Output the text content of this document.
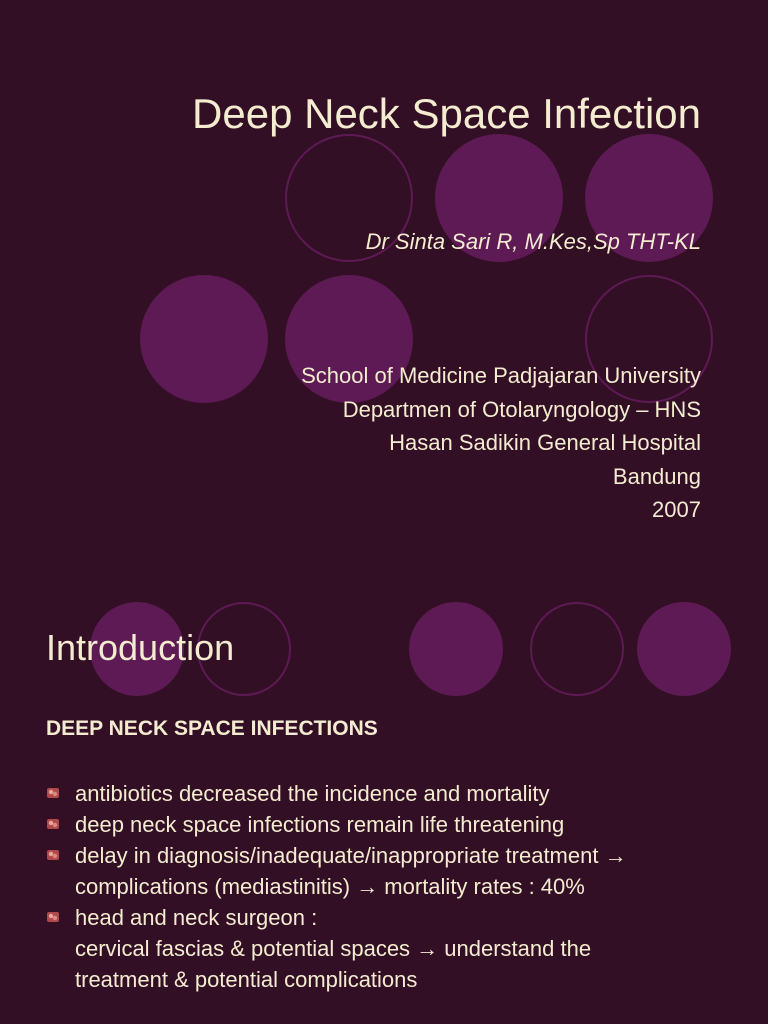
Deep Neck Space Infection
Dr Sinta Sari R, M.Kes,Sp THT-KL
School of Medicine Padjajaran University
Departmen of Otolaryngology – HNS
Hasan Sadikin General Hospital
Bandung
2007
Introduction
DEEP NECK SPACE INFECTIONS
antibiotics decreased the incidence and mortality
deep neck space infections remain life threatening
delay in diagnosis/inadequate/inappropriate treatment →
complications (mediastinitis) → mortality rates : 40%
head and neck surgeon :
cervical fascias & potential spaces → understand the
treatment & potential complications
